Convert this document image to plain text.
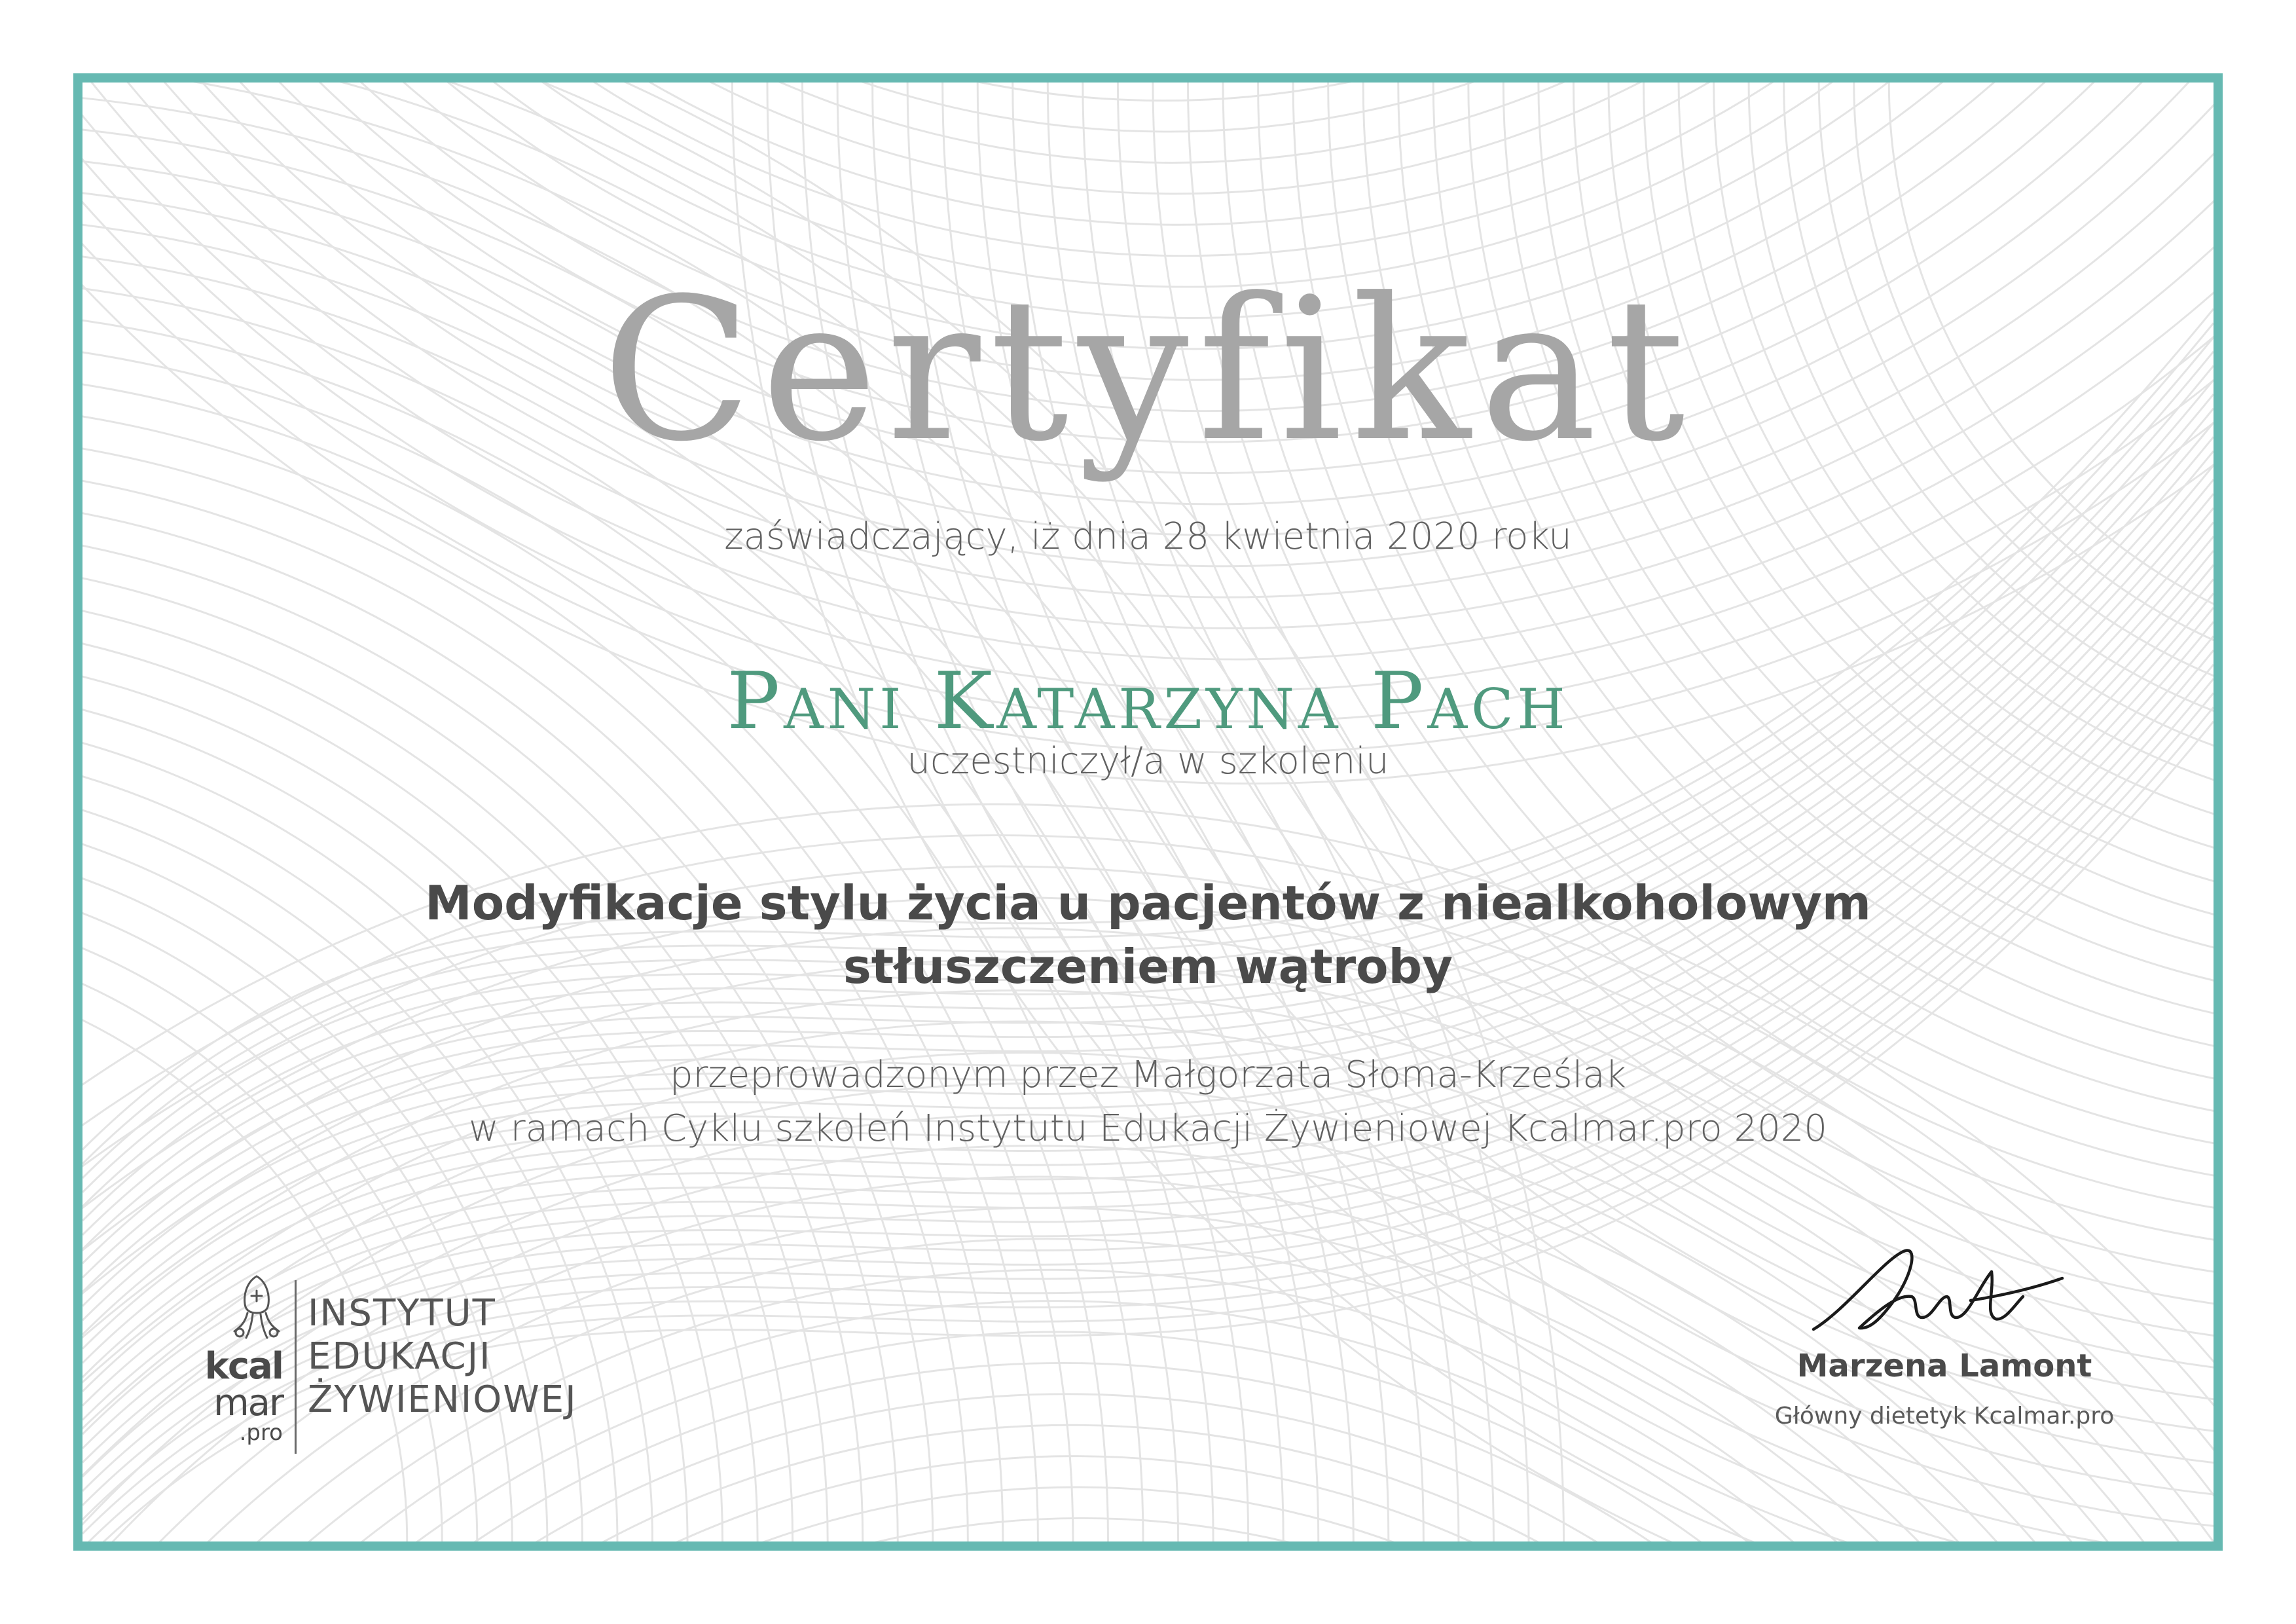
Certyfikat
zaświadczający, iż dnia 28 kwietnia 2020 roku
Pani Katarzyna Pach
uczestniczył/a w szkoleniu
Modyfikacje stylu życia u pacjentów z niealkoholowym
stłuszczeniem wątroby
przeprowadzonym przez Małgorzata Słoma-Krześlak
w ramach Cyklu szkoleń Instytutu Edukacji Żywieniowej Kcalmar.pro 2020
kcal
mar
.pro
INSTYTUT
EDUKACJI
ŻYWIENIOWEJ
Marzena Lamont
Główny dietetyk Kcalmar.pro
